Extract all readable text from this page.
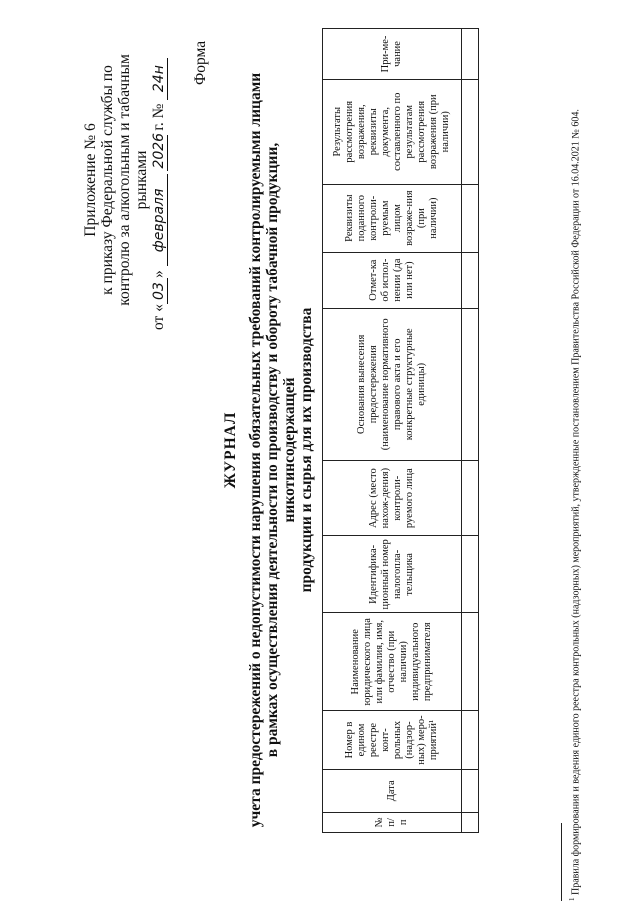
Приложение № 6 к приказу Федеральной службы по контролю за алкогольным и табачным рынками
от «03» февраля 2026 г. № 24н Форма
ЖУРНАЛ учета предостережений о недопустимости нарушения обязательных требований контролируемыми лицами в рамках осуществления деятельности по производству и обороту табачной продукции, никотинсодержащей продукции и сырья для их производства
№ п/п	Дата	Номер в едином реестре конт-рольных (надзор-ных) меро-приятий¹	Наименование юридического лица или фамилия, имя, отчество (при наличии) индивидуального предпринимателя	Идентифика-ционный номер налогопла-тельщика	Адрес (место нахож-дения) контроли-руемого лица	Основания вынесения предостережения (наименование нормативного правового акта и его конкретные структурные единицы)	Отмет-ка об испол-нении (да или нет)	Реквизиты поданного контроли-руемым лицом возраже-ния (при наличии)	Результаты рассмотрения возражения, реквизиты документа, составленного по результатам рассмотрения возражения (при наличии)	При-ме-чание

$^1$ Правила формирования и ведения единого реестра контрольных (надзорных) мероприятий, утвержденные постановлением Правительства Российской Федерации от 16.04.2021 № 604.
